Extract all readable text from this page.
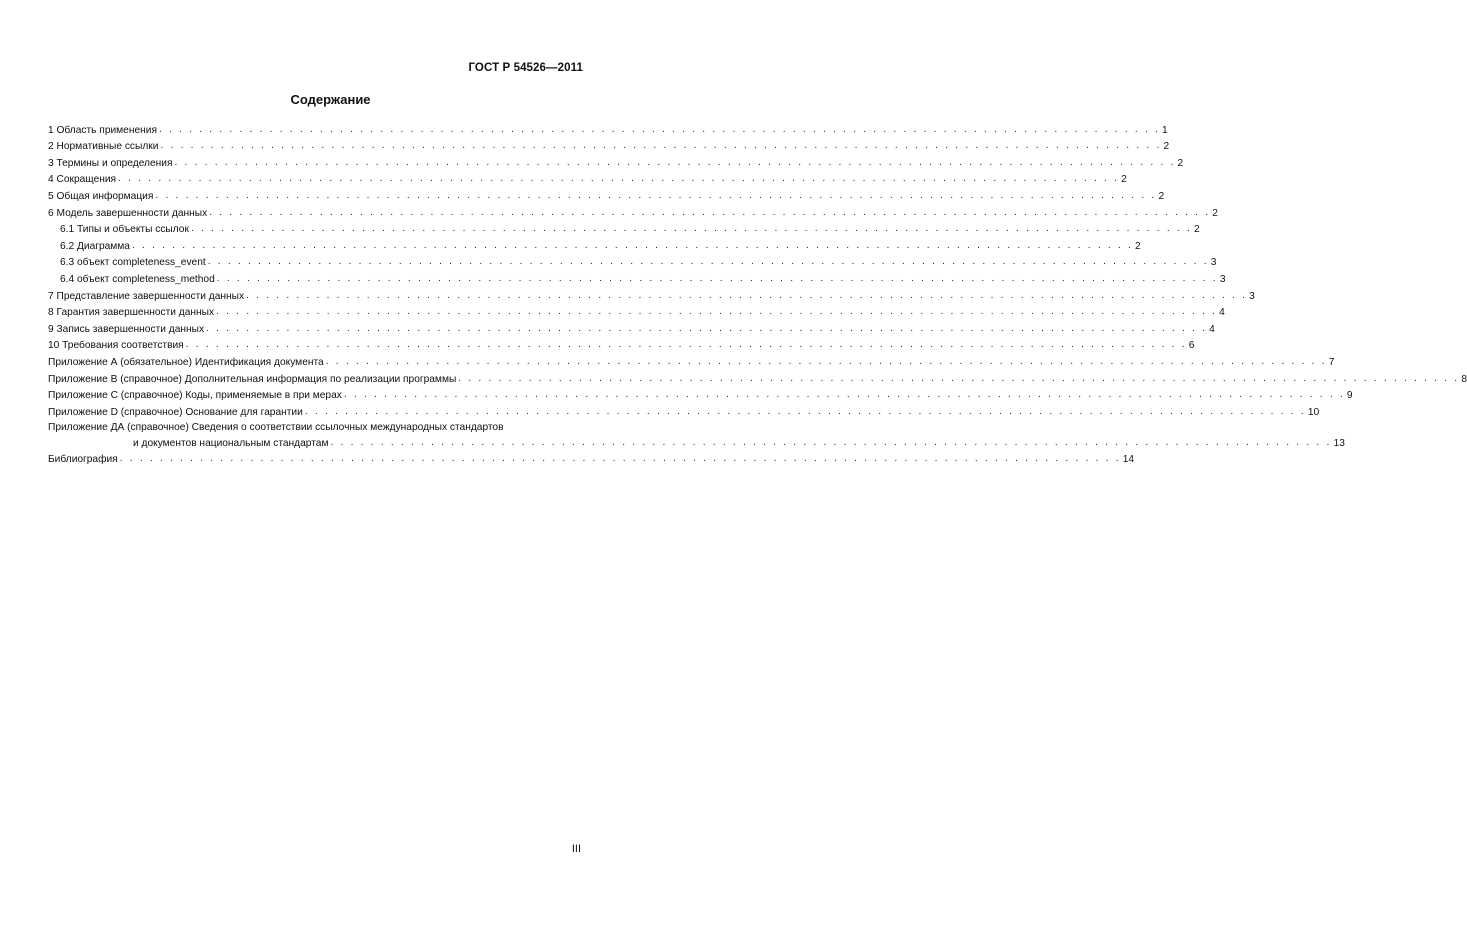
ГОСТ Р 54526—2011
Содержание
1 Область применения . . . . . . . . . . . . . . . . . . . . . . . . . . . . . . . . . . . . . . . . . . . . . . . . . . . . . . . . . . . . . . . . . . . . . . . . . . . . . . . . . . . . . . . . . . . . . . . . . . . . 1
2 Нормативные ссылки . . . . . . . . . . . . . . . . . . . . . . . . . . . . . . . . . . . . . . . . . . . . . . . . . . . . . . . . . . . . . . . . . . . . . . . . . . . . . . . . . . . . . . . . . . . . . . . . . . . . 2
3 Термины и определения . . . . . . . . . . . . . . . . . . . . . . . . . . . . . . . . . . . . . . . . . . . . . . . . . . . . . . . . . . . . . . . . . . . . . . . . . . . . . . . . . . . . . . . . . . . . . . . . . . . . 2
4 Сокращения . . . . . . . . . . . . . . . . . . . . . . . . . . . . . . . . . . . . . . . . . . . . . . . . . . . . . . . . . . . . . . . . . . . . . . . . . . . . . . . . . . . . . . . . . . . . . . . . . . . . 2
5 Общая информация . . . . . . . . . . . . . . . . . . . . . . . . . . . . . . . . . . . . . . . . . . . . . . . . . . . . . . . . . . . . . . . . . . . . . . . . . . . . . . . . . . . . . . . . . . . . . . . . . . . . 2
6 Модель завершенности данных . . . . . . . . . . . . . . . . . . . . . . . . . . . . . . . . . . . . . . . . . . . . . . . . . . . . . . . . . . . . . . . . . . . . . . . . . . . . . . . . . . . . . . . . . . . . . . . . . . . . 2
6.1 Типы и объекты ссылок . . . . . . . . . . . . . . . . . . . . . . . . . . . . . . . . . . . . . . . . . . . . . . . . . . . . . . . . . . . . . . . . . . . . . . . . . . . . . . . . . . . . . . . . . . . . . . . . . . . . 2
6.2 Диаграмма . . . . . . . . . . . . . . . . . . . . . . . . . . . . . . . . . . . . . . . . . . . . . . . . . . . . . . . . . . . . . . . . . . . . . . . . . . . . . . . . . . . . . . . . . . . . . . . . . . . . 2
6.3 объект completeness_event . . . . . . . . . . . . . . . . . . . . . . . . . . . . . . . . . . . . . . . . . . . . . . . . . . . . . . . . . . . . . . . . . . . . . . . . . . . . . . . . . . . . . . . . . . . . . . . . . . . . 3
6.4 объект completeness_method . . . . . . . . . . . . . . . . . . . . . . . . . . . . . . . . . . . . . . . . . . . . . . . . . . . . . . . . . . . . . . . . . . . . . . . . . . . . . . . . . . . . . . . . . . . . . . . . . . . . 3
7 Представление завершенности данных . . . . . . . . . . . . . . . . . . . . . . . . . . . . . . . . . . . . . . . . . . . . . . . . . . . . . . . . . . . . . . . . . . . . . . . . . . . . . . . . . . . . . . . . . . . . . . . . . . . . 3
8 Гарантия завершенности данных . . . . . . . . . . . . . . . . . . . . . . . . . . . . . . . . . . . . . . . . . . . . . . . . . . . . . . . . . . . . . . . . . . . . . . . . . . . . . . . . . . . . . . . . . . . . . . . . . . . . 4
9 Запись завершенности данных . . . . . . . . . . . . . . . . . . . . . . . . . . . . . . . . . . . . . . . . . . . . . . . . . . . . . . . . . . . . . . . . . . . . . . . . . . . . . . . . . . . . . . . . . . . . . . . . . . . . 4
10 Требования соответствия . . . . . . . . . . . . . . . . . . . . . . . . . . . . . . . . . . . . . . . . . . . . . . . . . . . . . . . . . . . . . . . . . . . . . . . . . . . . . . . . . . . . . . . . . . . . . . . . . . . . 6
Приложение А (обязательное) Идентификация документа . . . . . . . . . . . . . . . . . . . . . . . . . . . . . . . . . . . . . . . . . . . . . . . . . . . . . . . . . . . . . . . . . . . . . . . . . . . . . . . . . . . . . . . . . . . . . . . . . . . . 7
Приложение В (справочное) Дополнительная информация по реализации программы . . . . . . . . . . . . . . . . . . . . . . . . . . . . . . . . . . . . . . . . . . . . . . . . . . . . . . . . . . . . . . . . . . . . . . . . . . . . . . . . . . . . . . . . . . . . . . . . . . . . 8
Приложение С (справочное) Коды, применяемые в при мерах . . . . . . . . . . . . . . . . . . . . . . . . . . . . . . . . . . . . . . . . . . . . . . . . . . . . . . . . . . . . . . . . . . . . . . . . . . . . . . . . . . . . . . . . . . . . . . . . . . . . 9
Приложение D (справочное) Основание для гарантии . . . . . . . . . . . . . . . . . . . . . . . . . . . . . . . . . . . . . . . . . . . . . . . . . . . . . . . . . . . . . . . . . . . . . . . . . . . . . . . . . . . . . . . . . . . . . . . . . . . . 10
Приложение ДА (справочное) Сведения о соответствии ссылочных международных стандартов
и документов национальным стандартам . . . . . . . . . . . . . . . . . . . . . . . . . . . . . . . . . . . . . . . . . . . . . . . . . . . . . . . . . . . . . . . . . . . . . . . . . . . . . . . . . . . . . . . . . . . . . . . . . . . . 13
Библиография . . . . . . . . . . . . . . . . . . . . . . . . . . . . . . . . . . . . . . . . . . . . . . . . . . . . . . . . . . . . . . . . . . . . . . . . . . . . . . . . . . . . . . . . . . . . . . . . . . . . 14
III
